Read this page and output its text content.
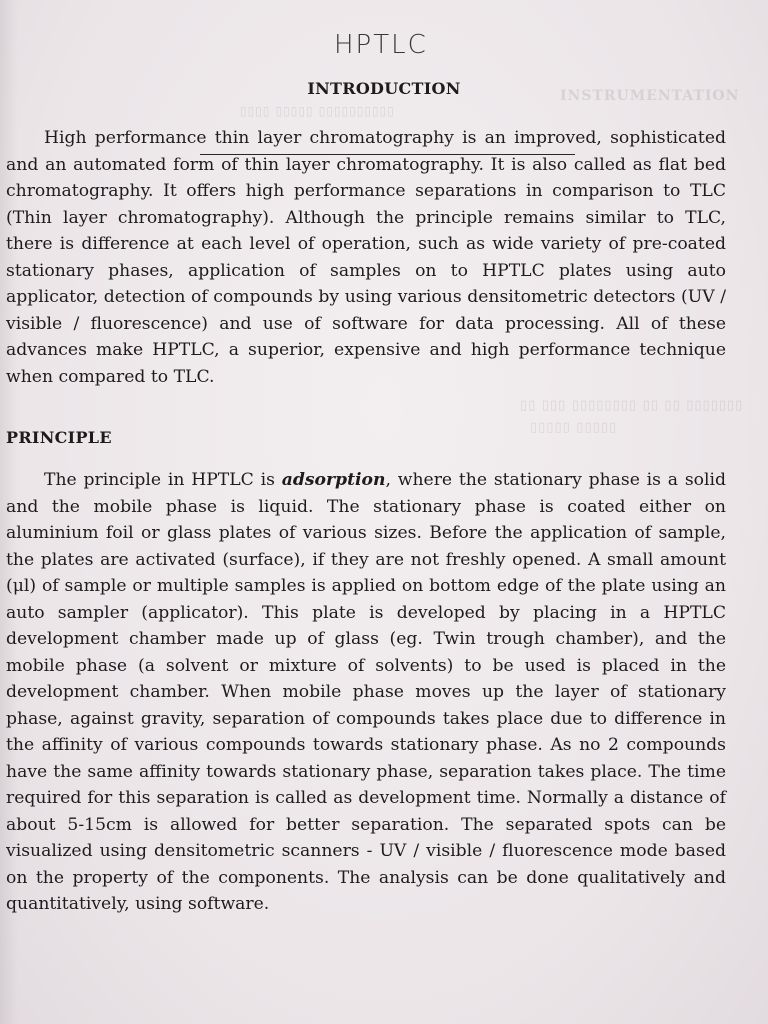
INSTRUMENTATION
▯▯▯▯ ▯▯▯▯▯ ▯▯▯▯▯▯▯▯▯▯
▯▯ ▯▯▯ ▯▯▯▯▯▯▯▯ ▯▯ ▯▯ ▯▯▯▯▯▯▯
▯▯▯▯▯ ▯▯▯▯▯
HPTLC
INTRODUCTION
High performance thin layer chromatography is an improved, sophisticated and an automated form of thin layer chromatography. It is also called as flat bed chromatography. It offers high performance separations in comparison to TLC (Thin layer chromatography). Although the principle remains similar to TLC, there is difference at each level of operation, such as wide variety of pre-coated stationary phases, application of samples on to HPTLC plates using auto applicator, detection of compounds by using various densitometric detectors (UV / visible / fluorescence) and use of software for data processing. All of these advances make HPTLC, a superior, expensive and high performance technique when compared to TLC.
PRINCIPLE
The principle in HPTLC is adsorption, where the stationary phase is a solid and the mobile phase is liquid. The stationary phase is coated either on aluminium foil or glass plates of various sizes. Before the application of sample, the plates are activated (surface), if they are not freshly opened. A small amount (μl) of sample or multiple samples is applied on bottom edge of the plate using an auto sampler (applicator). This plate is developed by placing in a HPTLC development chamber made up of glass (eg. Twin trough chamber), and the mobile phase (a solvent or mixture of solvents) to be used is placed in the development chamber. When mobile phase moves up the layer of stationary phase, against gravity, separation of compounds takes place due to difference in the affinity of various compounds towards stationary phase. As no 2 compounds have the same affinity towards stationary phase, separation takes place. The time required for this separation is called as development time. Normally a distance of about 5-15cm is allowed for better separation. The separated spots can be visualized using densitometric scanners - UV / visible / fluorescence mode based on the property of the components. The analysis can be done qualitatively and quantitatively, using software.
